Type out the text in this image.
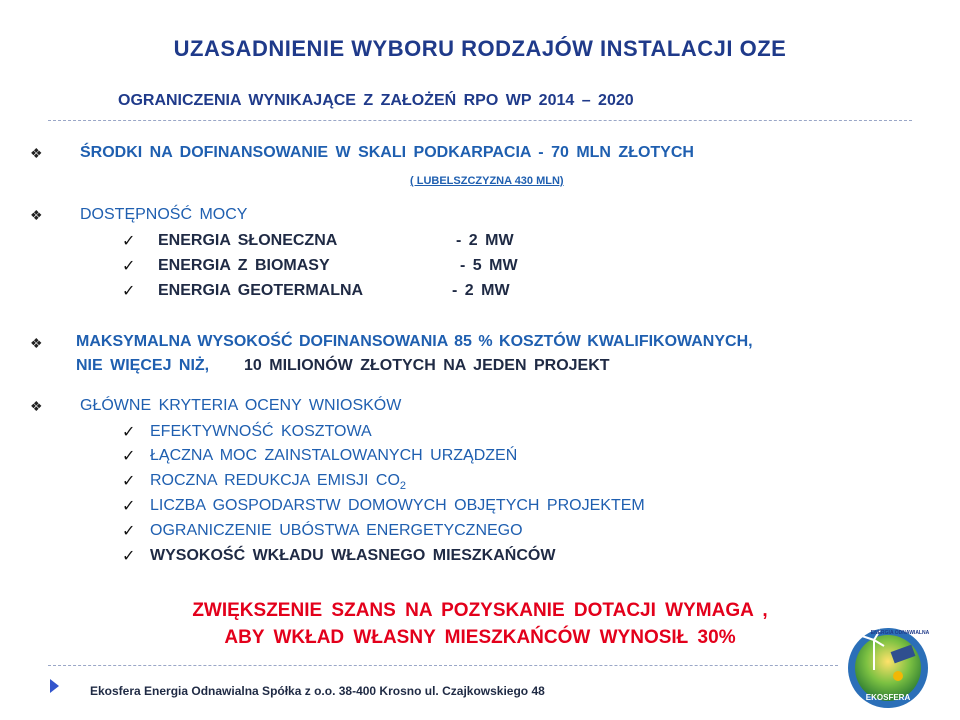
UZASADNIENIE WYBORU RODZAJÓW INSTALACJI OZE
OGRANICZENIA WYNIKAJĄCE Z ZAŁOŻEŃ RPO WP 2014 – 2020
❖ ŚRODKI NA DOFINANSOWANIE W SKALI PODKARPACIA - 70 MLN ZŁOTYCH
( LUBELSZCZYZNA 430 MLN)
❖ DOSTĘPNOŚĆ MOCY
✓ ENERGIA SŁONECZNA	- 2 MW
✓ ENERGIA Z BIOMASY	- 5 MW
✓ ENERGIA GEOTERMALNA	- 2 MW
❖ MAKSYMALNA WYSOKOŚĆ DOFINANSOWANIA 85 % KOSZTÓW KWALIFIKOWANYCH,
NIE WIĘCEJ NIŻ, 10 MILIONÓW ZŁOTYCH NA JEDEN PROJEKT
❖ GŁÓWNE KRYTERIA OCENY WNIOSKÓW
✓ EFEKTYWNOŚĆ KOSZTOWA
✓ ŁĄCZNA MOC ZAINSTALOWANYCH URZĄDZEŃ
✓ ROCZNA REDUKCJA EMISJI $CO_2$
✓ LICZBA GOSPODARSTW DOMOWYCH OBJĘTYCH PROJEKTEM
✓ OGRANICZENIE UBÓSTWA ENERGETYCZNEGO
✓ WYSOKOŚĆ WKŁADU WŁASNEGO MIESZKAŃCÓW
ZWIĘKSZENIE SZANS NA POZYSKANIE DOTACJI WYMAGA ,
ABY WKŁAD WŁASNY MIESZKAŃCÓW WYNOSIŁ 30%
Ekosfera Energia Odnawialna Spółka z o.o. 38-400 Krosno ul. Czajkowskiego 48	EKOSFERA
ENERGIA ODNAWIALNA
